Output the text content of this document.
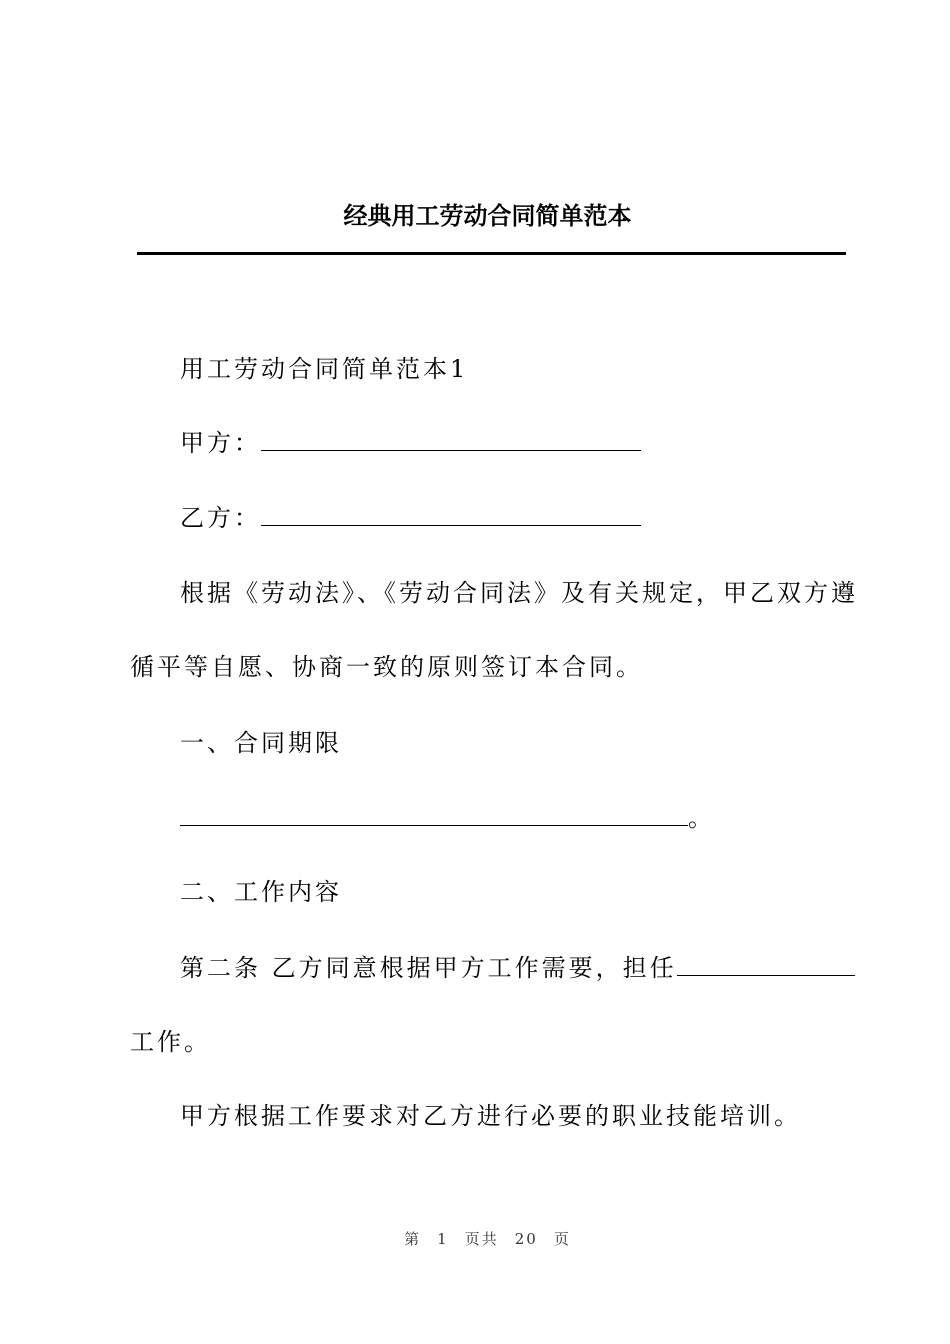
经典用工劳动合同简单范本
用工劳动合同简单范本1
甲方：
乙方：
根据《劳动法》、《劳动合同法》及有关规定，甲乙双方遵
循平等自愿、协商一致的原则签订本合同。
一、合同期限
。
二、工作内容
第二条 乙方同意根据甲方工作需要，担任
工作。
甲方根据工作要求对乙方进行必要的职业技能培训。
第 1 页共 20 页
